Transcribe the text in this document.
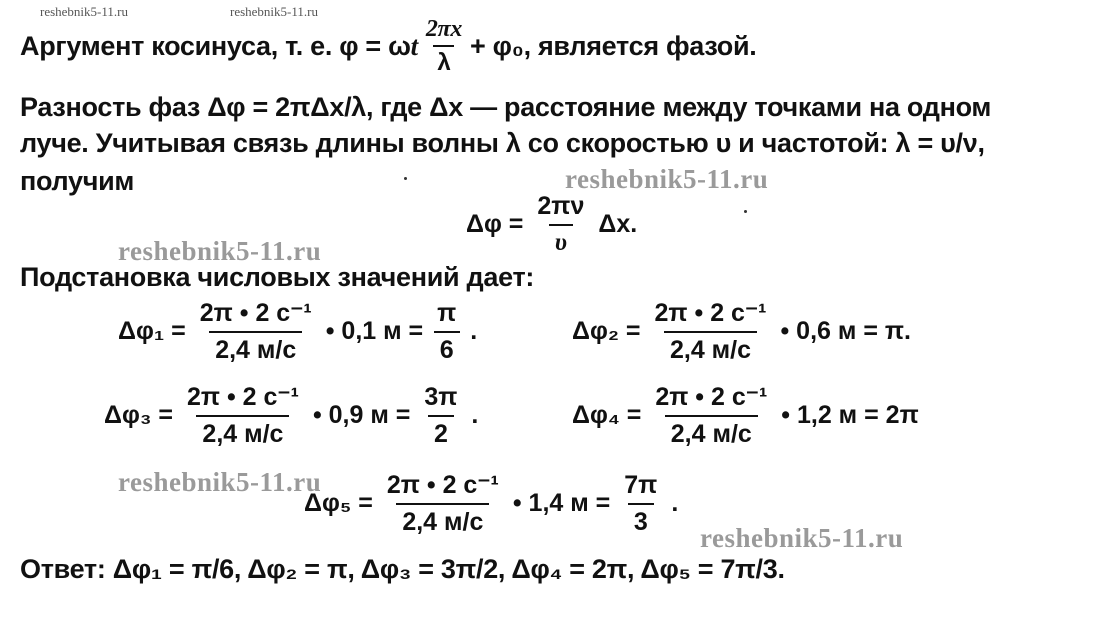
reshebnik5-11.ru	reshebnik5-11.ru
reshebnik5-11.ru
reshebnik5-11.ru
reshebnik5-11.ru
reshebnik5-11.ru
Аргумент косинуса, т. е. φ = ω t $\frac{2\pi x}{\lambda} + \varphi_0$, является фазой.
Разность фаз Δφ = 2πΔx/λ, где Δx — расстояние между точками на одном
луче. Учитывая связь длины волны λ со скоростью υ и частотой: λ = υ/ν,
получим
$\Delta\varphi = \frac{2\pi\nu}{\upsilon} \Delta x$.
Подстановка числовых значений дает:
$\Delta\varphi_1 = \frac{\text{2π • 2 с⁻¹}}{2,4 м/с}$ • 0,1 $м = \frac{\pi}{6}$ .	$\Delta\varphi_2 = \frac{\text{2π • 2 с⁻¹}}{2,4 м/с}$ • 0,6 м = π .
$\Delta\varphi_3 = \frac{\text{2π • 2 с⁻¹}}{2,4 м/с}$ • 0,9 $м = \frac{3\pi}{2}$ .	$\Delta\varphi_4 = \frac{\text{2π • 2 с⁻¹}}{2,4 м/с}$ • 1,2 м = 2π
$\Delta\varphi_5 = \frac{\text{2π • 2 с⁻¹}}{2,4 м/с}$ • 1,4 $м = \frac{7\pi}{3}$ .
Ответ: Δφ₁ = π/6, Δφ₂ = π, Δφ₃ = 3π/2, Δφ₄ = 2π, Δφ₅ = 7π/3.
